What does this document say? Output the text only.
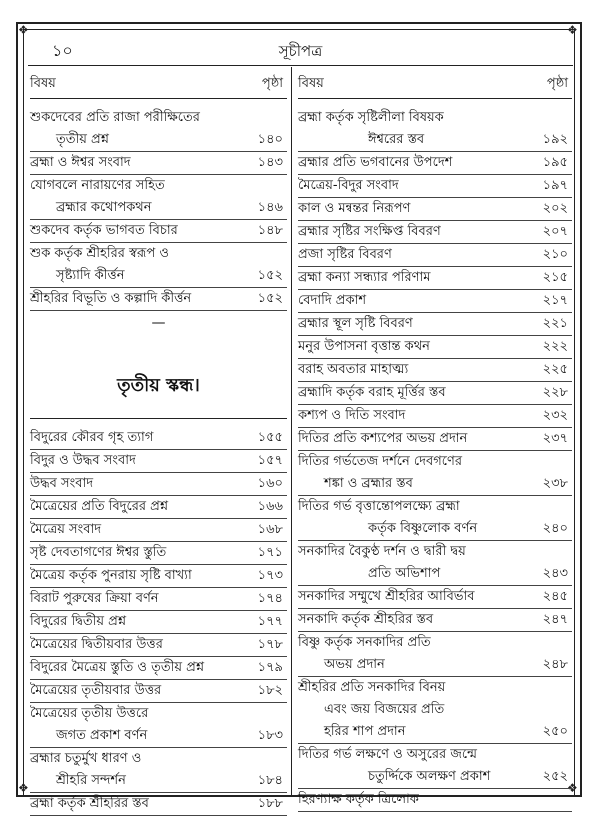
❖	❖
❖	❖
১০	সূচীপত্র
বিষয়	পৃষ্ঠা
শুকদেবের প্রতি রাজা পরীক্ষিতের
তৃতীয় প্রশ্ন	১৪০
ব্রহ্মা ও ঈশ্বর সংবাদ	১৪৩
যোগবলে নারায়ণের সহিত
ব্রহ্মার কথোপকথন	১৪৬
শুকদেব কর্তৃক ভাগবত বিচার	১৪৮
শুক কর্তৃক শ্রীহরির স্বরূপ ও
সৃষ্ট্যাদি কীর্ত্তন	১৫২
শ্রীহরির বিভূতি ও কল্পাদি কীর্ত্তন	১৫২
—
তৃতীয় স্কন্ধ।
বিদুরের কৌরব গৃহ ত্যাগ	১৫৫
বিদুর ও উদ্ধব সংবাদ	১৫৭
উদ্ধব সংবাদ	১৬০
মৈত্রেয়ের প্রতি বিদুরের প্রশ্ন	১৬৬
মৈত্রেয় সংবাদ	১৬৮
সৃষ্ট দেবতাগণের ঈশ্বর স্তুতি	১৭১
মৈত্রেয় কর্তৃক পুনরায় সৃষ্টি বাখ্যা	১৭৩
বিরাট পুরুষের ক্রিয়া বর্ণন	১৭৪
বিদুরের দ্বিতীয় প্রশ্ন	১৭৭
মৈত্রেয়ের দ্বিতীয়বার উত্তর	১৭৮
বিদুরের মৈত্রেয় স্তুতি ও তৃতীয় প্রশ্ন	১৭৯
মৈত্রেয়ের তৃতীয়বার উত্তর	১৮২
মৈত্রেয়ের তৃতীয় উত্তরে
জগত প্রকাশ বর্ণন	১৮৩
ব্রহ্মার চতুর্মুখ ধারণ ও
শ্রীহরি সন্দর্শন	১৮৪
ব্রহ্মা কর্তৃক শ্রীহরির স্তব	১৮৮
বিষয়	পৃষ্ঠা
ব্রহ্মা কর্তৃক সৃষ্টিলীলা বিষয়ক
ঈশ্বরের স্তব	১৯২
ব্রহ্মার প্রতি ভগবানের উপদেশ	১৯৫
মৈত্রেয়-বিদুর সংবাদ	১৯৭
কাল ও মন্বন্তর নিরূপণ	২০২
ব্রহ্মার সৃষ্টির সংক্ষিপ্ত বিবরণ	২০৭
প্রজা সৃষ্টির বিবরণ	২১০
ব্রহ্মা কন্যা সন্ধ্যার পরিণাম	২১৫
বেদাদি প্রকাশ	২১৭
ব্রহ্মার স্থূল সৃষ্টি বিবরণ	২২১
মনুর উপাসনা বৃত্তান্ত কথন	২২২
বরাহ অবতার মাহাত্ম্য	২২৫
ব্রহ্মাদি কর্তৃক বরাহ মূর্ত্তির স্তব	২২৮
কশ্যপ ও দিতি সংবাদ	২৩২
দিতির প্রতি কশ্যপের অভয় প্রদান	২৩৭
দিতির গর্ভতেজ দর্শনে দেবগণের
শঙ্কা ও ব্রহ্মার স্তব	২৩৮
দিতির গর্ভ বৃত্তান্তোপলক্ষ্যে ব্রহ্মা
কর্তৃক বিষ্ণুলোক বর্ণন	২৪০
সনকাদির বৈকুণ্ঠ দর্শন ও দ্বারী দ্বয়
প্রতি অভিশাপ	২৪৩
সনকাদির সম্মুখে শ্রীহরির আবির্ভাব	২৪৫
সনকাদি কর্তৃক শ্রীহরির স্তব	২৪৭
বিষ্ণু কর্তৃক সনকাদির প্রতি
অভয় প্রদান	২৪৮
শ্রীহরির প্রতি সনকাদির বিনয়
এবং জয় বিজয়ের প্রতি
হরির শাপ প্রদান	২৫০
দিতির গর্ভ লক্ষণে ও অসুরের জন্মে
চতুর্দ্দিকে অলক্ষণ প্রকাশ	২৫২
হিরণ্যাক্ষ কর্তৃক ত্রিলোক
